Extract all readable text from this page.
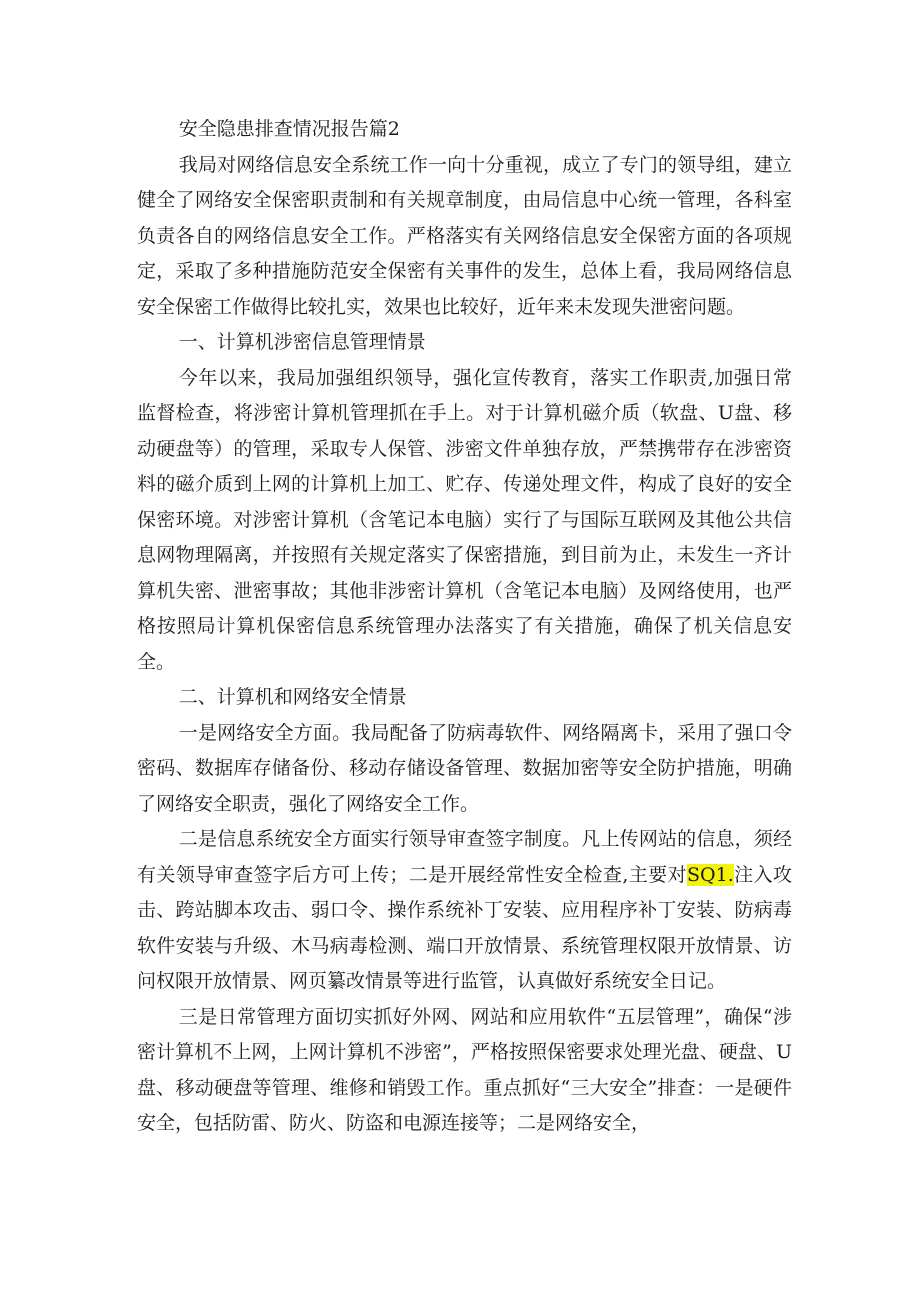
安全隐患排查情况报告篇2

我局对网络信息安全系统工作一向十分重视，成立了专门的领导组，建立健全了网络安全保密职责制和有关规章制度，由局信息中心统一管理，各科室负责各自的网络信息安全工作。严格落实有关网络信息安全保密方面的各项规定，采取了多种措施防范安全保密有关事件的发生，总体上看，我局网络信息安全保密工作做得比较扎实，效果也比较好，近年来未发现失泄密问题。

一、计算机涉密信息管理情景

今年以来，我局加强组织领导，强化宣传教育，落实工作职责,加强日常监督检查，将涉密计算机管理抓在手上。对于计算机磁介质（软盘、U盘、移动硬盘等）的管理，采取专人保管、涉密文件单独存放，严禁携带存在涉密资料的磁介质到上网的计算机上加工、贮存、传递处理文件，构成了良好的安全保密环境。对涉密计算机（含笔记本电脑）实行了与国际互联网及其他公共信息网物理隔离，并按照有关规定落实了保密措施，到目前为止，未发生一齐计算机失密、泄密事故；其他非涉密计算机（含笔记本电脑）及网络使用，也严格按照局计算机保密信息系统管理办法落实了有关措施，确保了机关信息安全。

二、计算机和网络安全情景

一是网络安全方面。我局配备了防病毒软件、网络隔离卡，采用了强口令密码、数据库存储备份、移动存储设备管理、数据加密等安全防护措施，明确了网络安全职责，强化了网络安全工作。

二是信息系统安全方面实行领导审查签字制度。凡上传网站的信息，须经有关领导审查签字后方可上传；二是开展经常性安全检查,主要对SQ1.注入攻击、跨站脚本攻击、弱口令、操作系统补丁安装、应用程序补丁安装、防病毒软件安装与升级、木马病毒检测、端口开放情景、系统管理权限开放情景、访问权限开放情景、网页纂改情景等进行监管，认真做好系统安全日记。

三是日常管理方面切实抓好外网、网站和应用软件“五层管理”，确保“涉密计算机不上网，上网计算机不涉密”，严格按照保密要求处理光盘、硬盘、U盘、移动硬盘等管理、维修和销毁工作。重点抓好“三大安全”排查：一是硬件安全，包括防雷、防火、防盗和电源连接等；二是网络安全，
